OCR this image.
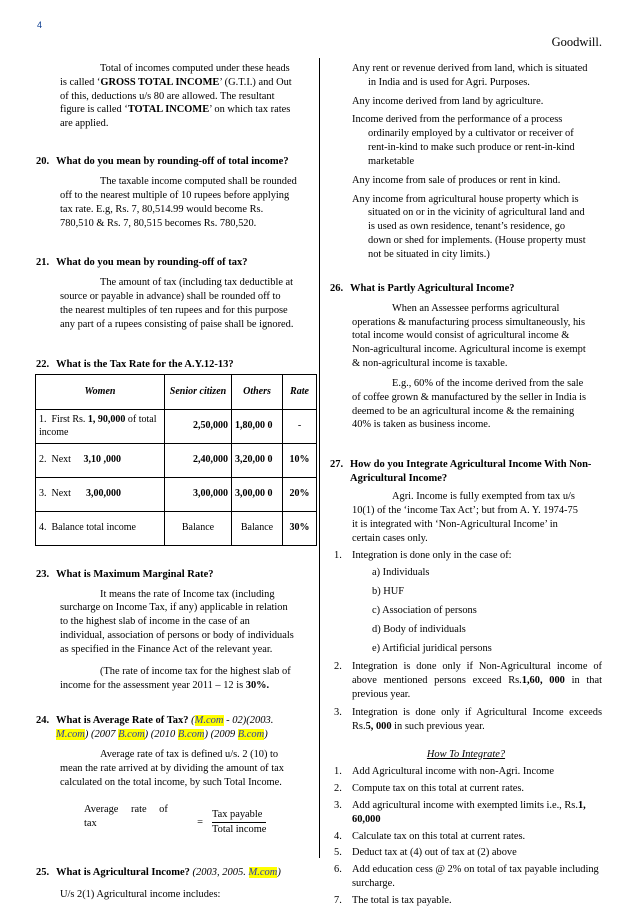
4
Goodwill.

Total of incomes computed under these heads

is called ‘GROSS TOTAL INCOME’ (G.T.I.) and Out

of this, deductions u/s 80 are allowed. The resultant

figure is called ‘TOTAL INCOME’ on which tax rates

are applied.

20. What do you mean by rounding-off of total income?

The taxable income computed shall be rounded

off to the nearest multiple of 10 rupees before applying

tax rate. E.g, Rs. 7, 80,514.99 would become Rs.

780,510 & Rs. 7, 80,515 becomes Rs. 780,520.

21. What do you mean by rounding-off of tax?

The amount of tax (including tax deductible at

source or payable in advance) shall be rounded off to

the nearest multiples of ten rupees and for this purpose

any part of a rupees consisting of paise shall be ignored.

22. What is the Tax Rate for the A.Y.12-13?
Women	Senior citizen	Others	Rate
1. First Rs. 1, 90,000 of total income	2,50,000	1,80,00 0	-
2. Next 3,10 ,000	2,40,000	3,20,00 0	10%
3. Next 3,00,000	3,00,000	3,00,00 0	20%
4. Balance total income	Balance	Balance	30%
23. What is Maximum Marginal Rate?

It means the rate of Income tax (including

surcharge on Income Tax, if any) applicable in relation

to the highest slab of income in the case of an

individual, association of persons or body of individuals

as specified in the Finance Act of the relevant year.

(The rate of income tax for the highest slab of

income for the assessment year 2011 – 12 is 30%.

24. What is Average Rate of Tax? (M.com - 02)(2003.
M.com) (2007 B.com) (2010 B.com) (2009 B.com)

Average rate of tax is defined u/s. 2 (10) to

mean the rate arrived at by dividing the amount of tax

calculated on the total income, by such Total Income.

Average rate of
tax	=
Tax payable
Total income
25. What is Agricultural Income? (2003, 2005. M.com)

U/s 2(1) Agricultural income includes:

Any rent or revenue derived from land, which is situated

in India and is used for Agri. Purposes.

Any income derived from land by agriculture.

Income derived from the performance of a process

ordinarily employed by a cultivator or receiver of

rent-in-kind to make such produce or rent-in-kind

marketable

Any income from sale of produces or rent in kind.

Any income from agricultural house property which is

situated on or in the vicinity of agricultural land and

is used as own residence, tenant’s residence, go

down or shed for implements. (House property must

not be situated in city limits.)

26. What is Partly Agricultural Income?

When an Assessee performs agricultural

operations & manufacturing process simultaneously, his

total income would consist of agricultural income &

Non-agricultural income. Agricultural income is exempt

& non-agricultural income is taxable.

E.g., 60% of the income derived from the sale

of coffee grown & manufactured by the seller in India is

deemed to be an agricultural income & the remaining

40% is taken as business income.

27. How do you Integrate Agricultural Income With Non-Agricultural Income?

Agri. Income is fully exempted from tax u/s

10(1) of the ‘income Tax Act’; but from A. Y. 1974-75

it is integrated with ‘Non-Agricultural Income’ in

certain cases only.

1. Integration is done only in the case of:
a) Individuals
b) HUF
c) Association of persons
d) Body of individuals
e) Artificial juridical persons
2. Integration is done only if Non-Agricultural income of above mentioned persons exceed Rs.1,60, 000 in that previous year.
3. Integration is done only if Agricultural Income exceeds Rs.5, 000 in such previous year.

How To Integrate?

1. Add Agricultural income with non-Agri. Income
2. Compute tax on this total at current rates.
3. Add agricultural income with exempted limits i.e., Rs.1, 60,000
4. Calculate tax on this total at current rates.
5. Deduct tax at (4) out of tax at (2) above
6. Add education cess @ 2% on total of tax payable including surcharge.
7. The total is tax payable.
